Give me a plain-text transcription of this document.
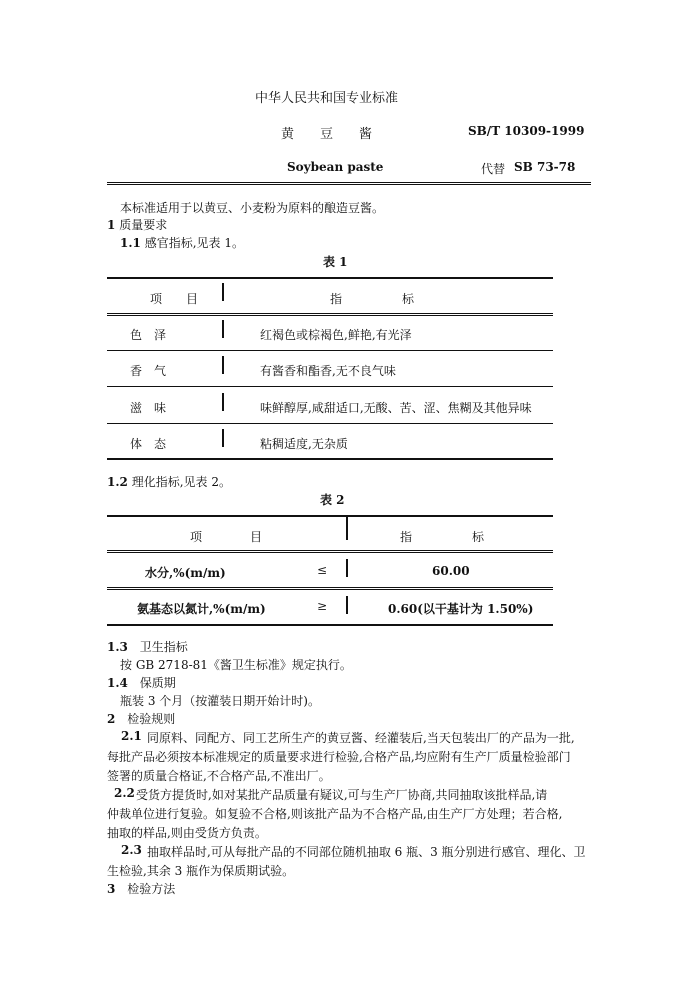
中华人民共和国专业标准
黄　　豆　　酱	SB/T 10309-1999
Soybean paste	代替 SB 73-78
本标准适用于以黄豆、小麦粉为原料的酿造豆酱。
1 质量要求
1.1 感官指标,见表 1。
表 1
项　　目	指　　　　　标
色　泽	红褐色或棕褐色,鲜艳,有光泽
香　气	有酱香和酯香,无不良气味
滋　味	味鲜醇厚,咸甜适口,无酸、苦、涩、焦糊及其他异味
体　态	粘稠适度,无杂质
1.2 理化指标,见表 2。
表 2
项　　　　目	指　　　　　标
水分,%(m/m)	≤	60.00
氨基态以氮计,%(m/m)	≥	0.60(以干基计为 1.50%)
1.3 卫生指标
按 GB 2718-81《酱卫生标准》规定执行。
1.4 保质期
瓶装 3 个月（按灌装日期开始计时)。
2 检验规则
2.1 同原料、同配方、同工艺所生产的黄豆酱、经灌装后,当天包装出厂的产品为一批,
每批产品必须按本标准规定的质量要求进行检验,合格产品,均应附有生产厂质量检验部门
签署的质量合格证,不合格产品,不准出厂。
2.2 受货方提货时,如对某批产品质量有疑议,可与生产厂协商,共同抽取该批样品,请
仲裁单位进行复验。如复验不合格,则该批产品为不合格产品,由生产厂方处理；若合格,
抽取的样品,则由受货方负责。
2.3 抽取样品时,可从每批产品的不同部位随机抽取 6 瓶、3 瓶分别进行感官、理化、卫
生检验,其余 3 瓶作为保质期试验。
3 检验方法
